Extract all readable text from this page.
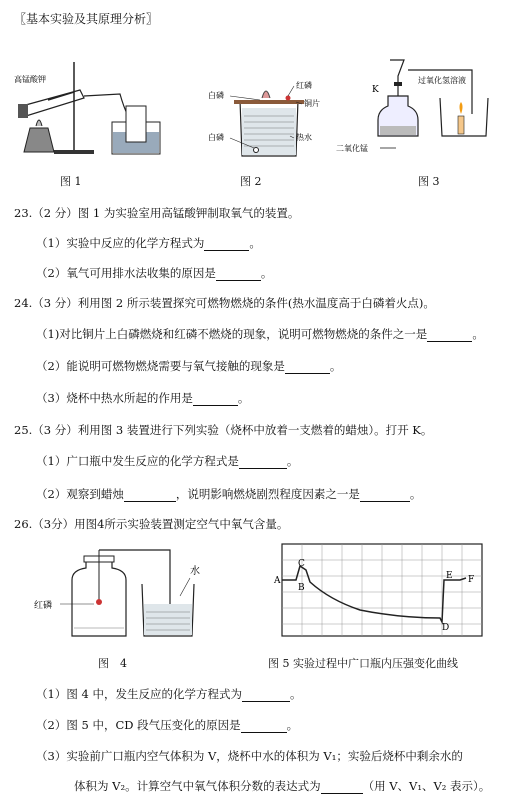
〖基本实验及其原理分析〗
高锰酸钾
图 1
白磷
红磷
铜片
白磷	热水
图 2
K
过氧化氢溶液
二氧化锰
图 3
23.（2 分）图 1 为实验室用高锰酸钾制取氧气的装置。
（1）实验中反应的化学方程式为	。
（2）氧气可用排水法收集的原因是	。
24.（3 分）利用图 2 所示装置探究可燃物燃烧的条件(热水温度高于白磷着火点)。
（1)对比铜片上白磷燃烧和红磷不燃烧的现象，说明可燃物燃烧的条件之一是	。
（2）能说明可燃物燃烧需要与氧气接触的现象是	。
（3）烧杯中热水所起的作用是	。
25.（3 分）利用图 3 装置进行下列实验（烧杯中放着一支燃着的蜡烛）。打开 K。
（1）广口瓶中发生反应的化学方程式是	。
（2）观察到蜡烛	，说明影响燃烧剧烈程度因素之一是	。
26.（3分）用图4所示实验装置测定空气中氧气含量。
红磷
水
图　4
A
B
C
D
E F
图 5 实验过程中广口瓶内压强变化曲线
（1）图 4 中，发生反应的化学方程式为	。
（2）图 5 中，CD 段气压变化的原因是	。
（3）实验前广口瓶内空气体积为 V，烧杯中水的体积为 V₁；实验后烧杯中剩余水的
体积为 V₂。计算空气中氧气体积分数的表达式为	（用 V、V₁、V₂ 表示）。
